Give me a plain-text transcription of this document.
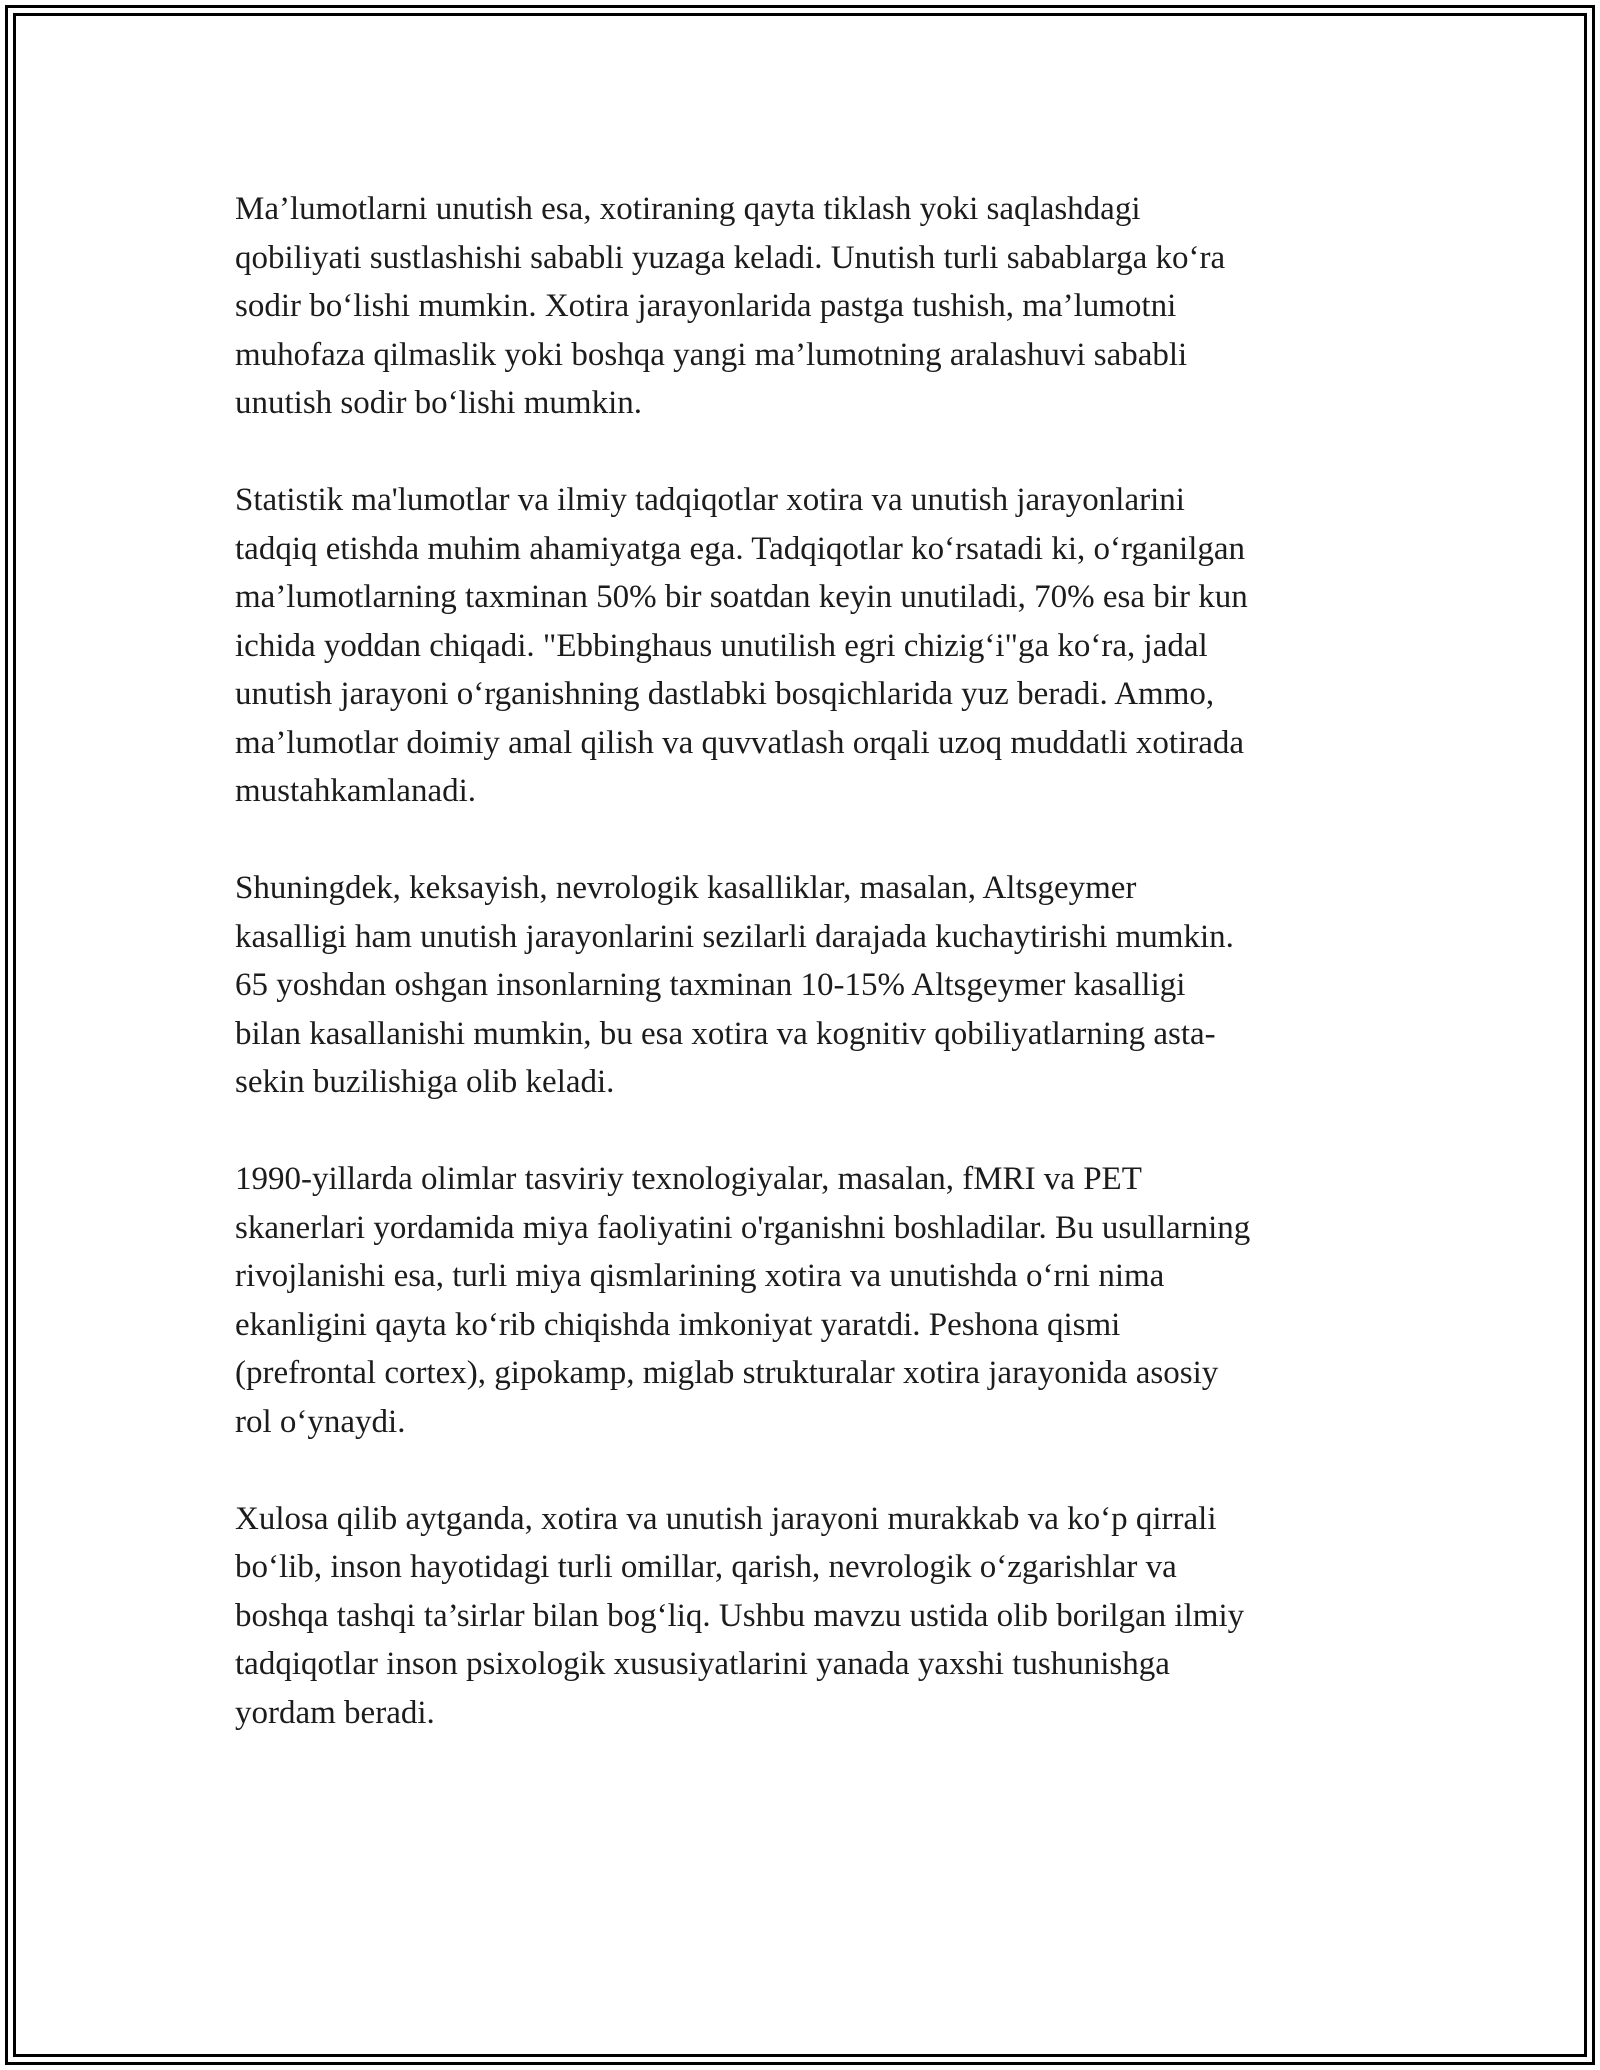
Ma’lumotlarni unutish esa, xotiraning qayta tiklash yoki saqlashdagi
qobiliyati sustlashishi sababli yuzaga keladi. Unutish turli sabablarga ko‘ra
sodir bo‘lishi mumkin. Xotira jarayonlarida pastga tushish, ma’lumotni
muhofaza qilmaslik yoki boshqa yangi ma’lumotning aralashuvi sababli
unutish sodir bo‘lishi mumkin.

Statistik ma'lumotlar va ilmiy tadqiqotlar xotira va unutish jarayonlarini
tadqiq etishda muhim ahamiyatga ega. Tadqiqotlar ko‘rsatadi ki, o‘rganilgan
ma’lumotlarning taxminan 50% bir soatdan keyin unutiladi, 70% esa bir kun
ichida yoddan chiqadi. "Ebbinghaus unutilish egri chizig‘i"ga ko‘ra, jadal
unutish jarayoni o‘rganishning dastlabki bosqichlarida yuz beradi. Ammo,
ma’lumotlar doimiy amal qilish va quvvatlash orqali uzoq muddatli xotirada
mustahkamlanadi.

Shuningdek, keksayish, nevrologik kasalliklar, masalan, Altsgeymer
kasalligi ham unutish jarayonlarini sezilarli darajada kuchaytirishi mumkin.
65 yoshdan oshgan insonlarning taxminan 10-15% Altsgeymer kasalligi
bilan kasallanishi mumkin, bu esa xotira va kognitiv qobiliyatlarning asta-
sekin buzilishiga olib keladi.

1990-yillarda olimlar tasviriy texnologiyalar, masalan, fMRI va PET
skanerlari yordamida miya faoliyatini o'rganishni boshladilar. Bu usullarning
rivojlanishi esa, turli miya qismlarining xotira va unutishda o‘rni nima
ekanligini qayta ko‘rib chiqishda imkoniyat yaratdi. Peshona qismi
(prefrontal cortex), gipokamp, miglab strukturalar xotira jarayonida asosiy
rol o‘ynaydi.

Xulosa qilib aytganda, xotira va unutish jarayoni murakkab va ko‘p qirrali
bo‘lib, inson hayotidagi turli omillar, qarish, nevrologik o‘zgarishlar va
boshqa tashqi ta’sirlar bilan bog‘liq. Ushbu mavzu ustida olib borilgan ilmiy
tadqiqotlar inson psixologik xususiyatlarini yanada yaxshi tushunishga
yordam beradi.
